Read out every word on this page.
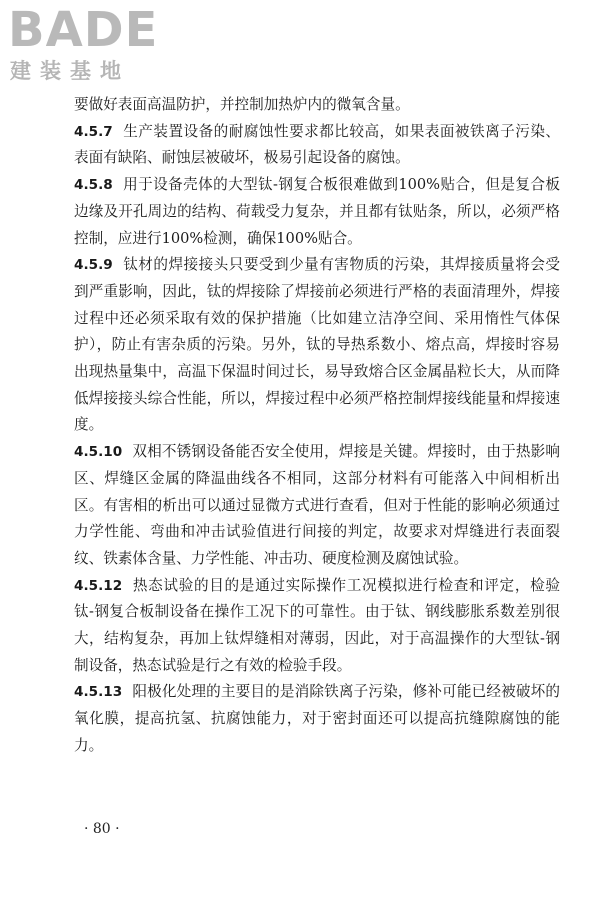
BADE
建装基地

要做好表面高温防护，并控制加热炉内的微氧含量。

4.5.7 生产装置设备的耐腐蚀性要求都比较高，如果表面被铁离子污染、表面有缺陷、耐蚀层被破坏，极易引起设备的腐蚀。

4.5.8 用于设备壳体的大型钛-钢复合板很难做到100%贴合，但是复合板边缘及开孔周边的结构、荷载受力复杂，并且都有钛贴条，所以，必须严格控制，应进行100%检测，确保100%贴合。

4.5.9 钛材的焊接接头只要受到少量有害物质的污染，其焊接质量将会受到严重影响，因此，钛的焊接除了焊接前必须进行严格的表面清理外，焊接过程中还必须采取有效的保护措施（比如建立洁净空间、采用惰性气体保护），防止有害杂质的污染。另外，钛的导热系数小、熔点高，焊接时容易出现热量集中，高温下保温时间过长，易导致熔合区金属晶粒长大，从而降低焊接接头综合性能，所以，焊接过程中必须严格控制焊接线能量和焊接速度。

4.5.10 双相不锈钢设备能否安全使用，焊接是关键。焊接时，由于热影响区、焊缝区金属的降温曲线各不相同，这部分材料有可能落入中间相析出区。有害相的析出可以通过显微方式进行查看，但对于性能的影响必须通过力学性能、弯曲和冲击试验值进行间接的判定，故要求对焊缝进行表面裂纹、铁素体含量、力学性能、冲击功、硬度检测及腐蚀试验。

4.5.12 热态试验的目的是通过实际操作工况模拟进行检查和评定，检验钛-钢复合板制设备在操作工况下的可靠性。由于钛、钢线膨胀系数差别很大，结构复杂，再加上钛焊缝相对薄弱，因此，对于高温操作的大型钛-钢制设备，热态试验是行之有效的检验手段。

4.5.13 阳极化处理的主要目的是消除铁离子污染，修补可能已经被破坏的氧化膜，提高抗氢、抗腐蚀能力，对于密封面还可以提高抗缝隙腐蚀的能力。

· 80 ·
